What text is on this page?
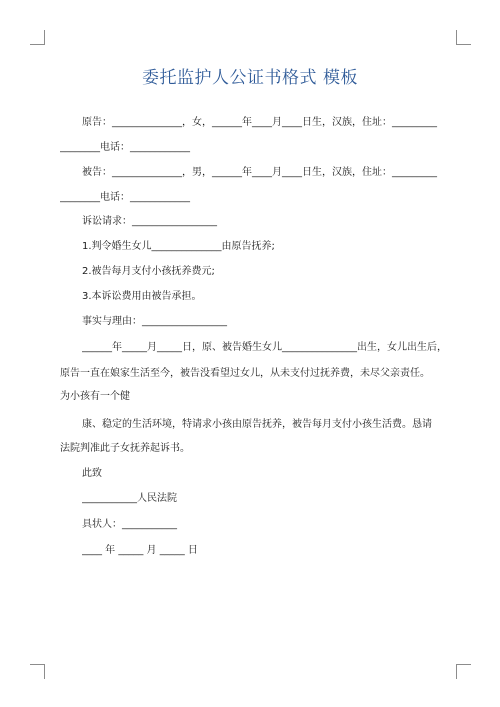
委托监护人公证书格式 模板
原告：______________，女，______年____月____日生，汉族，住址：_________
________电话：____________
被告：______________，男，______年____月____日生，汉族，住址：_________
________电话：____________
诉讼请求：_________________
1.判令婚生女儿______________由原告抚养;
2.被告每月支付小孩抚养费元;
3.本诉讼费用由被告承担。
事实与理由：_________________
______年_____月_____日，原、被告婚生女儿_______________出生，女儿出生后，
原告一直在娘家生活至今，被告没看望过女儿，从未支付过抚养费，未尽父亲责任。
为小孩有一个健
康、稳定的生活环境，特请求小孩由原告抚养，被告每月支付小孩生活费。恳请
法院判准此子女抚养起诉书。
此致
___________人民法院
具状人：___________
____ 年 _____ 月 _____ 日
